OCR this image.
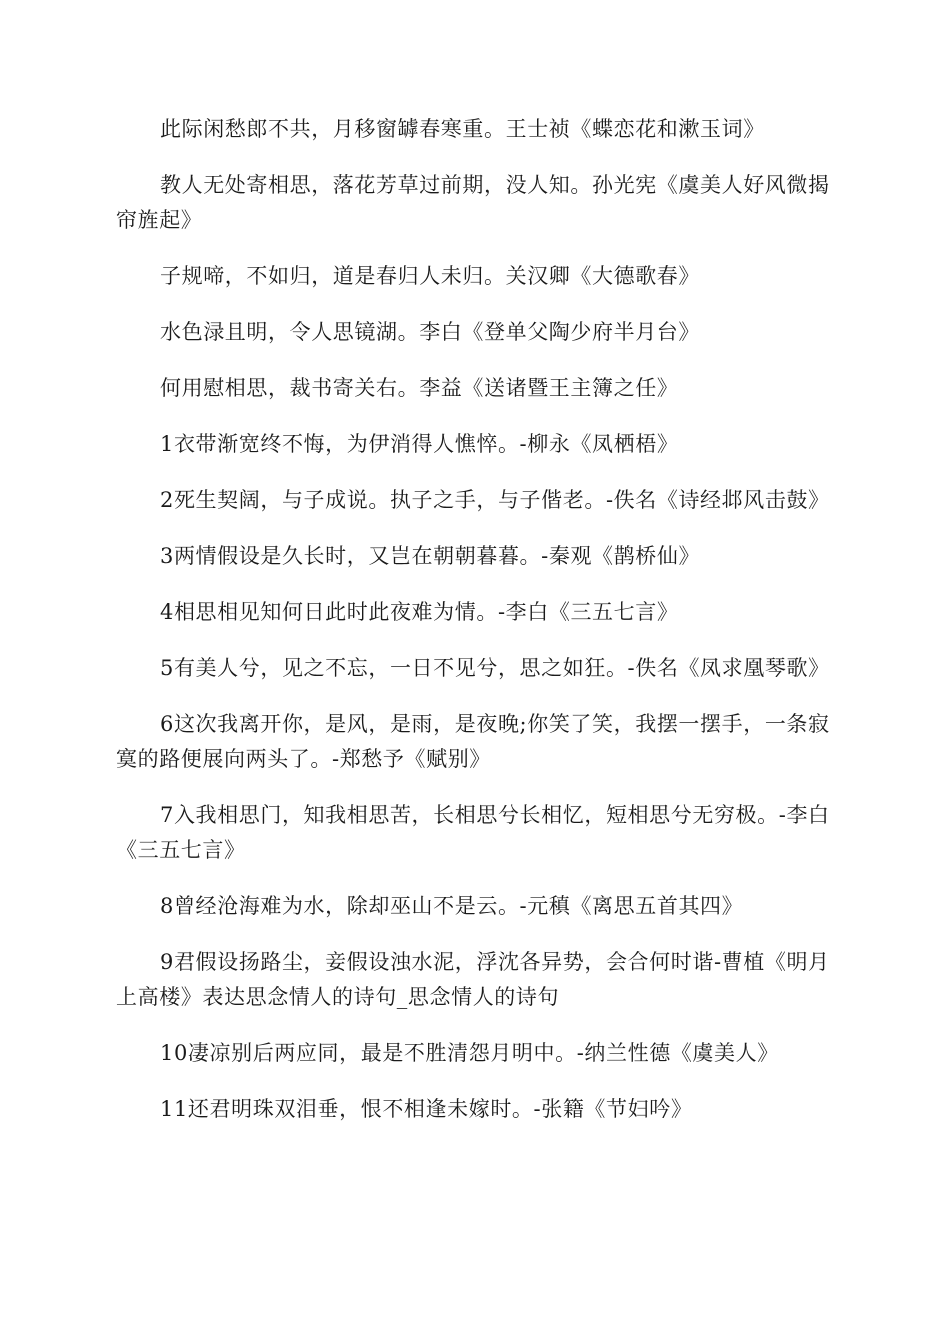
此际闲愁郎不共，月移窗罅春寒重。王士祯《蝶恋花和漱玉词》

教人无处寄相思，落花芳草过前期，没人知。孙光宪《虞美人好风微揭帘旌起》

子规啼，不如归，道是春归人未归。关汉卿《大德歌春》

水色渌且明，令人思镜湖。李白《登单父陶少府半月台》

何用慰相思，裁书寄关右。李益《送诸暨王主簿之任》

1衣带渐宽终不悔，为伊消得人憔悴。-柳永《凤栖梧》

2死生契阔，与子成说。执子之手，与子偕老。-佚名《诗经邶风击鼓》

3两情假设是久长时，又岂在朝朝暮暮。-秦观《鹊桥仙》

4相思相见知何日此时此夜难为情。-李白《三五七言》

5有美人兮，见之不忘，一日不见兮，思之如狂。-佚名《凤求凰琴歌》

6这次我离开你，是风，是雨，是夜晚;你笑了笑，我摆一摆手，一条寂寞的路便展向两头了。-郑愁予《赋别》

7入我相思门，知我相思苦，长相思兮长相忆，短相思兮无穷极。-李白《三五七言》

8曾经沧海难为水，除却巫山不是云。-元稹《离思五首其四》

9君假设扬路尘，妾假设浊水泥，浮沈各异势，会合何时谐-曹植《明月上高楼》表达思念情人的诗句_思念情人的诗句

10凄凉别后两应同，最是不胜清怨月明中。-纳兰性德《虞美人》

11还君明珠双泪垂，恨不相逢未嫁时。-张籍《节妇吟》
